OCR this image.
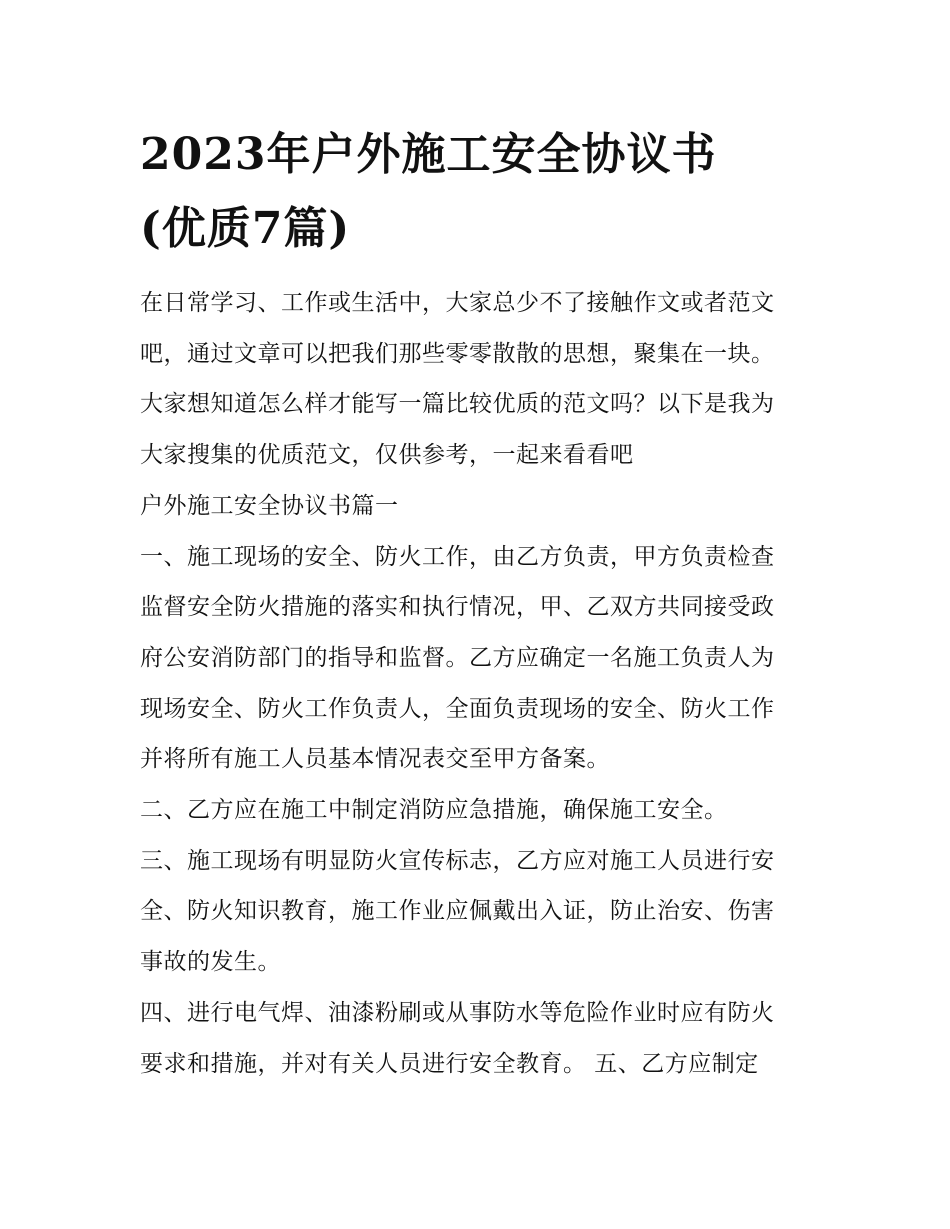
2023年户外施工安全协议书
(优质7篇)
在日常学习、工作或生活中，大家总少不了接触作文或者范文
吧，通过文章可以把我们那些零零散散的思想，聚集在一块。
大家想知道怎么样才能写一篇比较优质的范文吗？以下是我为
大家搜集的优质范文，仅供参考，一起来看看吧
户外施工安全协议书篇一
一、施工现场的安全、防火工作，由乙方负责，甲方负责检查
监督安全防火措施的落实和执行情况，甲、乙双方共同接受政
府公安消防部门的指导和监督。乙方应确定一名施工负责人为
现场安全、防火工作负责人，全面负责现场的安全、防火工作
并将所有施工人员基本情况表交至甲方备案。
二、乙方应在施工中制定消防应急措施，确保施工安全。
三、施工现场有明显防火宣传标志，乙方应对施工人员进行安
全、防火知识教育，施工作业应佩戴出入证，防止治安、伤害
事故的发生。
四、进行电气焊、油漆粉刷或从事防水等危险作业时应有防火
要求和措施，并对有关人员进行安全教育。 五、乙方应制定
